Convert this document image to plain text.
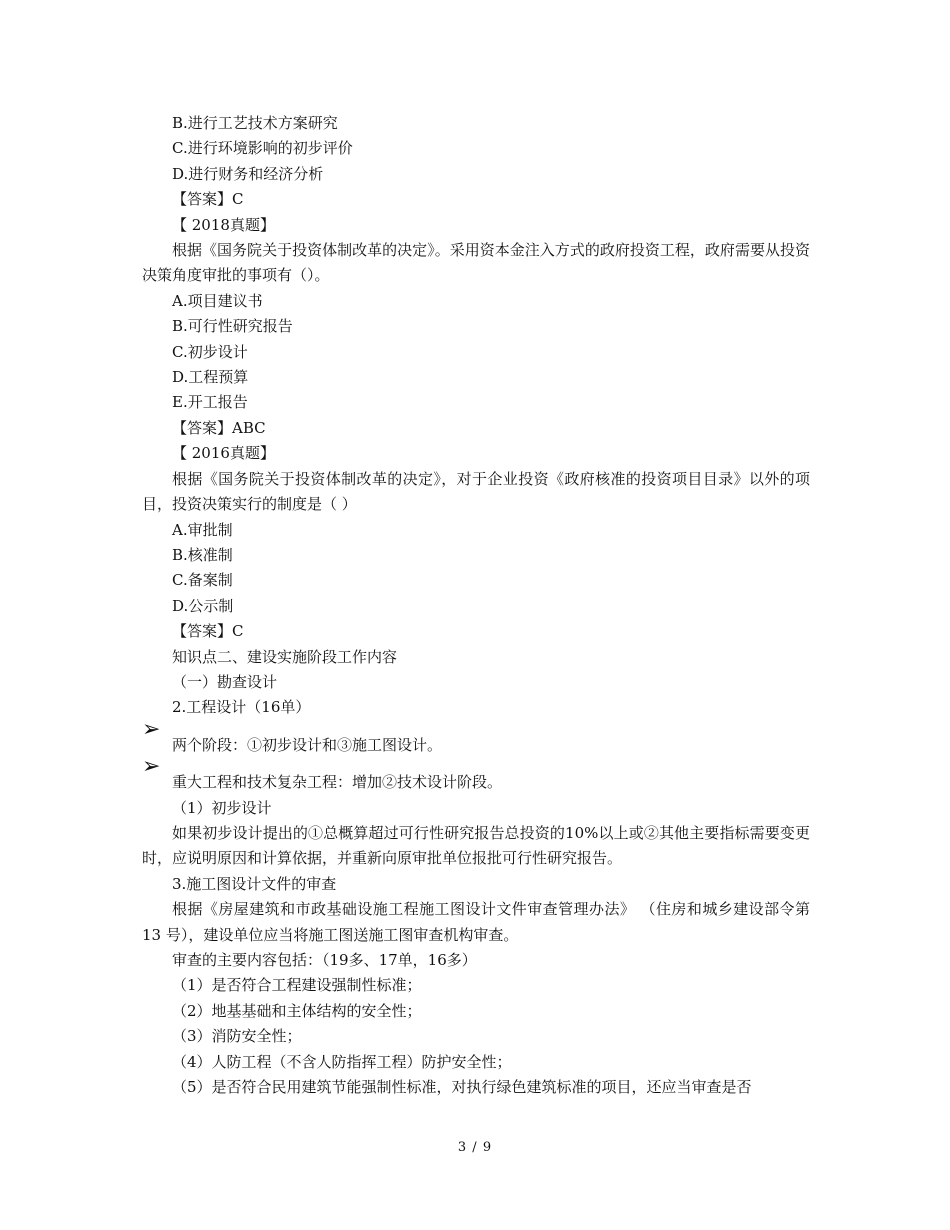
B.进行工艺技术方案研究
C.进行环境影响的初步评价
D.进行财务和经济分析
【答案】C
【 2018真题】
根据《国务院关于投资体制改革的决定》。采用资本金注入方式的政府投资工程，政府需要从投资决策角度审批的事项有（）。
A.项目建议书
B.可行性研究报告
C.初步设计
D.工程预算
E.开工报告
【答案】ABC
【 2016真题】
根据《国务院关于投资体制改革的决定》，对于企业投资《政府核准的投资项目目录》以外的项目，投资决策实行的制度是（ ）
A.审批制
B.核准制
C.备案制
D.公示制
【答案】C
知识点二、建设实施阶段工作内容
（一）勘查设计
2.工程设计（16单）
➢
两个阶段：①初步设计和③施工图设计。
➢
重大工程和技术复杂工程：增加②技术设计阶段。
（1）初步设计
如果初步设计提出的①总概算超过可行性研究报告总投资的10%以上或②其他主要指标需要变更时，应说明原因和计算依据，并重新向原审批单位报批可行性研究报告。
3.施工图设计文件的审查
根据《房屋建筑和市政基础设施工程施工图设计文件审查管理办法》 （住房和城乡建设部令第13 号），建设单位应当将施工图送施工图审查机构审查。
审查的主要内容包括：（19多、17单，16多）
（1）是否符合工程建设强制性标准；
（2）地基基础和主体结构的安全性；
（3）消防安全性；
（4）人防工程（不含人防指挥工程）防护安全性；
（5）是否符合民用建筑节能强制性标准，对执行绿色建筑标准的项目，还应当审查是否
3 / 9
